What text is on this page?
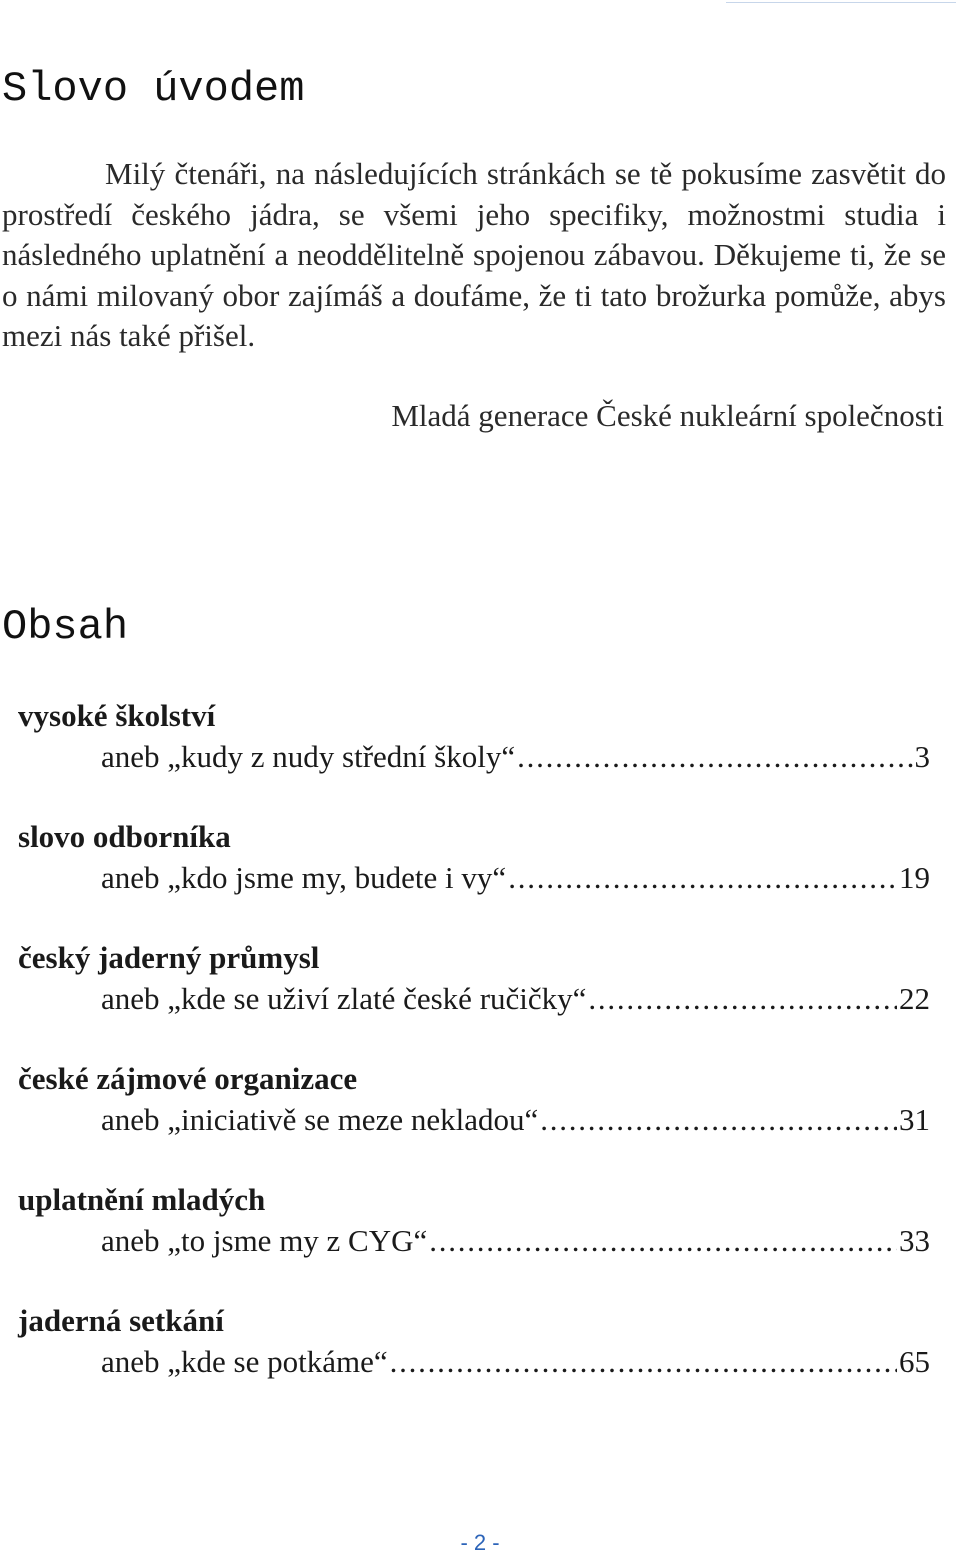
Slovo úvodem

Milý čtenáři, na následujících stránkách se tě pokusíme zasvětit do prostředí českého jádra, se všemi jeho specifiky, možnostmi studia i následného uplatnění a neoddělitelně spojenou zábavou. Děkujeme ti, že se o námi milovaný obor zajímáš a doufáme, že ti tato brožurka pomůže, abys mezi nás také přišel.

Mladá generace České nukleární společnosti

Obsah
vysoké školství
aneb „kudy z nudy střední školy“ . . .	3
slovo odborníka
aneb „kdo jsme my, budete i vy“ . . .	19
český jaderný průmysl
aneb „kde se uživí zlaté české ručičky“ . . .	22
české zájmové organizace
aneb „iniciativě se meze nekladou“ . . .	31
uplatnění mladých
aneb „to jsme my z CYG“ . . .	33
jaderná setkání
aneb „kde se potkáme“ . . .	65
- 2 -
